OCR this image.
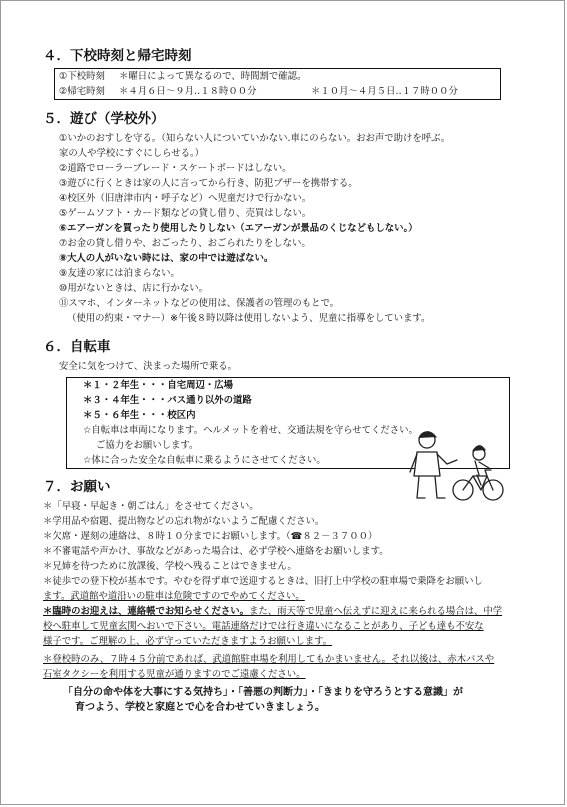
４．下校時刻と帰宅時刻
①下校時刻 ＊曜日によって異なるので、時間割で確認。
②帰宅時刻 ＊４月６日～９月‥１８時００分	＊１０月～４月５日‥１７時００分
５．遊び（学校外）
①いかのおすしを守る。（知らない人についていかない.車にのらない。おお声で助けを呼ぶ。
家の人や学校にすぐにしらせる。）
②道路でローラーブレード・スケートボードはしない。
③遊びに行くときは家の人に言ってから行き、防犯ブザーを携帯する。
④校区外（旧唐津市内・呼子など）へ児童だけで行かない。
⑤ゲームソフト・カード類などの貸し借り、売買はしない。
⑥エアーガンを買ったり使用したりしない（エアーガンが景品のくじなどもしない。）
⑦お金の貸し借りや、おごったり、おごられたりをしない。
⑧大人の人がいない時には、家の中では遊ばない。
⑨友達の家には泊まらない。
⑩用がないときは、店に行かない。
⑪スマホ、インターネットなどの使用は、保護者の管理のもとで。
（使用の約束・マナー）※午後８時以降は使用しないよう、児童に指導をしています。
６．自転車
安全に気をつけて、決まった場所で乗る。
＊１・２年生・・・自宅周辺・広場
＊３・４年生・・・バス通り以外の道路
＊５・６年生・・・校区内
☆自転車は車両になります。ヘルメットを着せ、交通法規を守らせてください。
ご協力をお願いします。
☆体に合った安全な自転車に乗るようにさせてください。
７．お願い
＊「早寝・早起き・朝ごはん」をさせてください。
＊学用品や宿題、提出物などの忘れ物がないようご配慮ください。
＊欠席・遅刻の連絡は、８時１０分までにお願いします。（☎８２－３７００）
＊不審電話や声かけ、事故などがあった場合は、必ず学校へ連絡をお願いします。
＊兄姉を待つために放課後、学校へ残ることはできません。
＊徒歩での登下校が基本です。やむを得ず車で送迎するときは、旧打上中学校の駐車場で乗降をお願いし
ます。武道館や道沿いの駐車は危険ですのでやめてください。
＊臨時のお迎えは、連絡帳でお知らせください。また、雨天等で児童へ伝えずに迎えに来られる場合は、中学
校へ駐車して児童玄関へおいで下さい。電話連絡だけでは行き違いになることがあり、子ども達も不安な
様子です。ご理解の上、必ず守っていただきますようお願いします。
＊登校時のみ、７時４５分前であれば、武道館駐車場を利用してもかまいません。それ以後は、赤木バスや
石室タクシーを利用する児童が通りますのでご遠慮ください。
「自分の命や体を大事にする気持ち」・「善悪の判断力」・「きまりを守ろうとする意識」が
育つよう、学校と家庭とで心を合わせていきましょう。
